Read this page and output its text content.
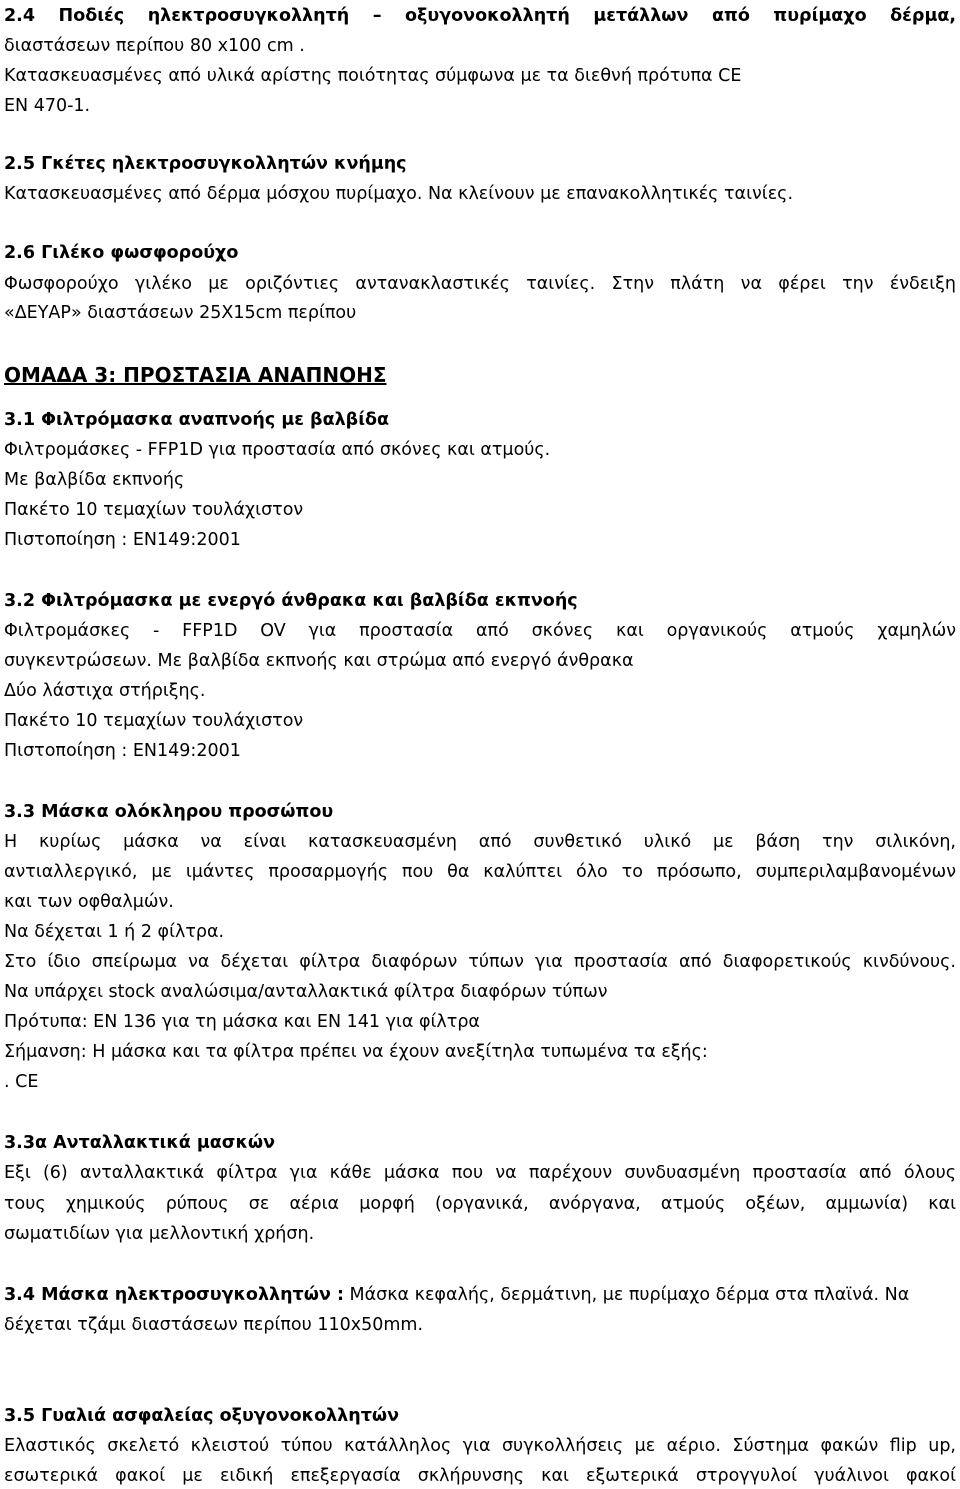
2.4 Ποδιές ηλεκτροσυγκολλητή – οξυγονοκολλητή μετάλλων από πυρίμαχο δέρμα,
διαστάσεων περίπου 80 x100 cm .
Κατασκευασμένες από υλικά αρίστης ποιότητας σύμφωνα με τα διεθνή πρότυπα CE
EN 470-1.
2.5 Γκέτες ηλεκτροσυγκολλητών κνήμης
Κατασκευασμένες από δέρμα μόσχου πυρίμαχο. Να κλείνουν με επανακολλητικές ταινίες.
2.6 Γιλέκο φωσφορούχο
Φωσφορούχο γιλέκο με οριζόντιες αντανακλαστικές ταινίες. Στην πλάτη να φέρει την ένδειξη
«ΔΕΥΑΡ» διαστάσεων 25Χ15cm περίπου
ΟΜΑΔΑ 3: ΠΡΟΣΤΑΣΙΑ ΑΝΑΠΝΟΗΣ
3.1 Φιλτρόμασκα αναπνοής με βαλβίδα
Φιλτρομάσκες - FFP1D για προστασία από σκόνες και ατμούς.
Με βαλβίδα εκπνοής
Πακέτο 10 τεμαχίων τουλάχιστον
Πιστοποίηση : EN149:2001
3.2 Φιλτρόμασκα με ενεργό άνθρακα και βαλβίδα εκπνοής
Φιλτρομάσκες - FFP1D OV για προστασία από σκόνες και οργανικούς ατμούς χαμηλών
συγκεντρώσεων. Με βαλβίδα εκπνοής και στρώμα από ενεργό άνθρακα
Δύο λάστιχα στήριξης.
Πακέτο 10 τεμαχίων τουλάχιστον
Πιστοποίηση : EN149:2001
3.3 Μάσκα ολόκληρου προσώπου
Η κυρίως μάσκα να είναι κατασκευασμένη από συνθετικό υλικό με βάση την σιλικόνη,
αντιαλλεργικό, με ιμάντες προσαρμογής που θα καλύπτει όλο το πρόσωπο, συμπεριλαμβανομένων
και των οφθαλμών.
Να δέχεται 1 ή 2 φίλτρα.
Στο ίδιο σπείρωμα να δέχεται φίλτρα διαφόρων τύπων για προστασία από διαφορετικούς κινδύνους.
Να υπάρχει stock αναλώσιμα/ανταλλακτικά φίλτρα διαφόρων τύπων
Πρότυπα: ΕΝ 136 για τη μάσκα και ΕΝ 141 για φίλτρα
Σήμανση: Η μάσκα και τα φίλτρα πρέπει να έχουν ανεξίτηλα τυπωμένα τα εξής:
. CE
3.3α Ανταλλακτικά μασκών
Εξι (6) ανταλλακτικά φίλτρα για κάθε μάσκα που να παρέχουν συνδυασμένη προστασία από όλους
τους χημικούς ρύπους σε αέρια μορφή (οργανικά, ανόργανα, ατμούς οξέων, αμμωνία) και
σωματιδίων για μελλοντική χρήση.
3.4 Μάσκα ηλεκτροσυγκολλητών : Μάσκα κεφαλής, δερμάτινη, με πυρίμαχο δέρμα στα πλαϊνά. Να
δέχεται τζάμι διαστάσεων περίπου 110x50mm.
3.5 Γυαλιά ασφαλείας οξυγονοκολλητών
Ελαστικός σκελετό κλειστού τύπου κατάλληλος για συγκολλήσεις με αέριο. Σύστημα φακών flip up,
εσωτερικά φακοί με ειδική επεξεργασία σκλήρυνσης και εξωτερικά στρογγυλοί γυάλινοι φακοί
